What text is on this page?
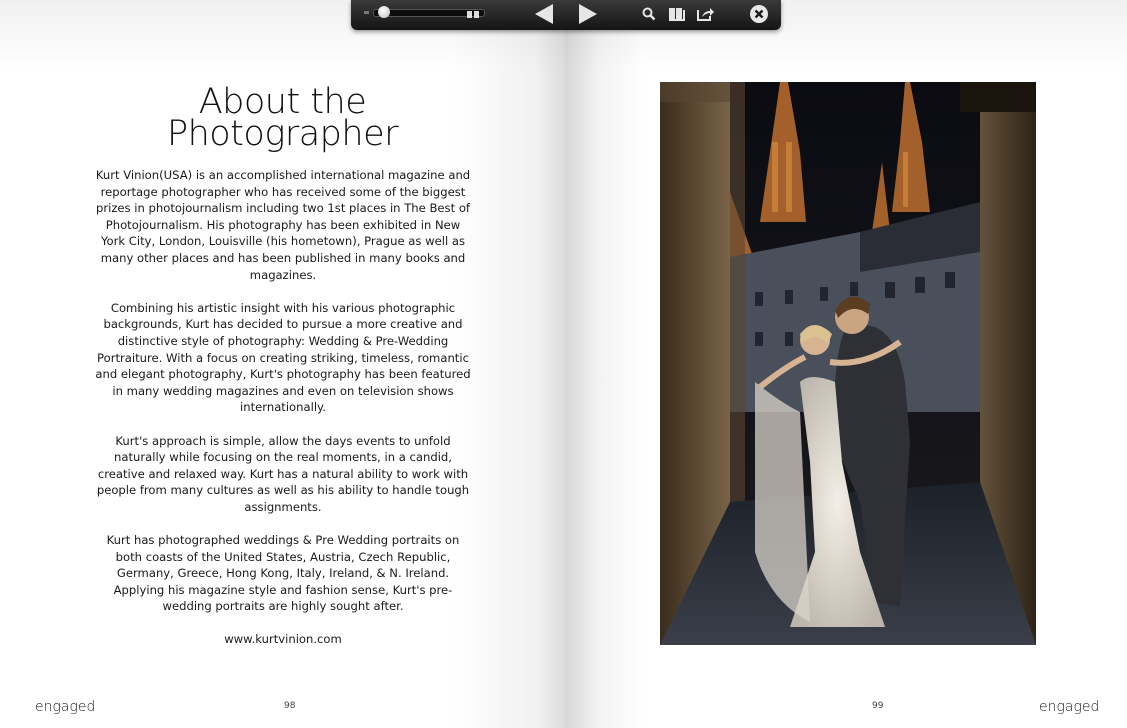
About the
Photographer

Kurt Vinion(USA) is an accomplished international magazine and reportage photographer who has received some of the biggest prizes in photojournalism including two 1st places in The Best of Photojournalism. His photography has been exhibited in New York City, London, Louisville (his hometown), Prague as well as many other places and has been published in many books and magazines.

Combining his artistic insight with his various photographic backgrounds, Kurt has decided to pursue a more creative and distinctive style of photography: Wedding & Pre-Wedding Portraiture. With a focus on creating striking, timeless, romantic and elegant photography, Kurt's photography has been featured in many wedding magazines and even on television shows internationally.

Kurt's approach is simple, allow the days events to unfold naturally while focusing on the real moments, in a candid, creative and relaxed way. Kurt has a natural ability to work with people from many cultures as well as his ability to handle tough assignments.

Kurt has photographed weddings & Pre Wedding portraits on both coasts of the United States, Austria, Czech Republic, Germany, Greece, Hong Kong, Italy, Ireland, & N. Ireland. Applying his magazine style and fashion sense, Kurt's pre-wedding portraits are highly sought after.

www.kurtvinion.com
engaged	98	engaged
99
